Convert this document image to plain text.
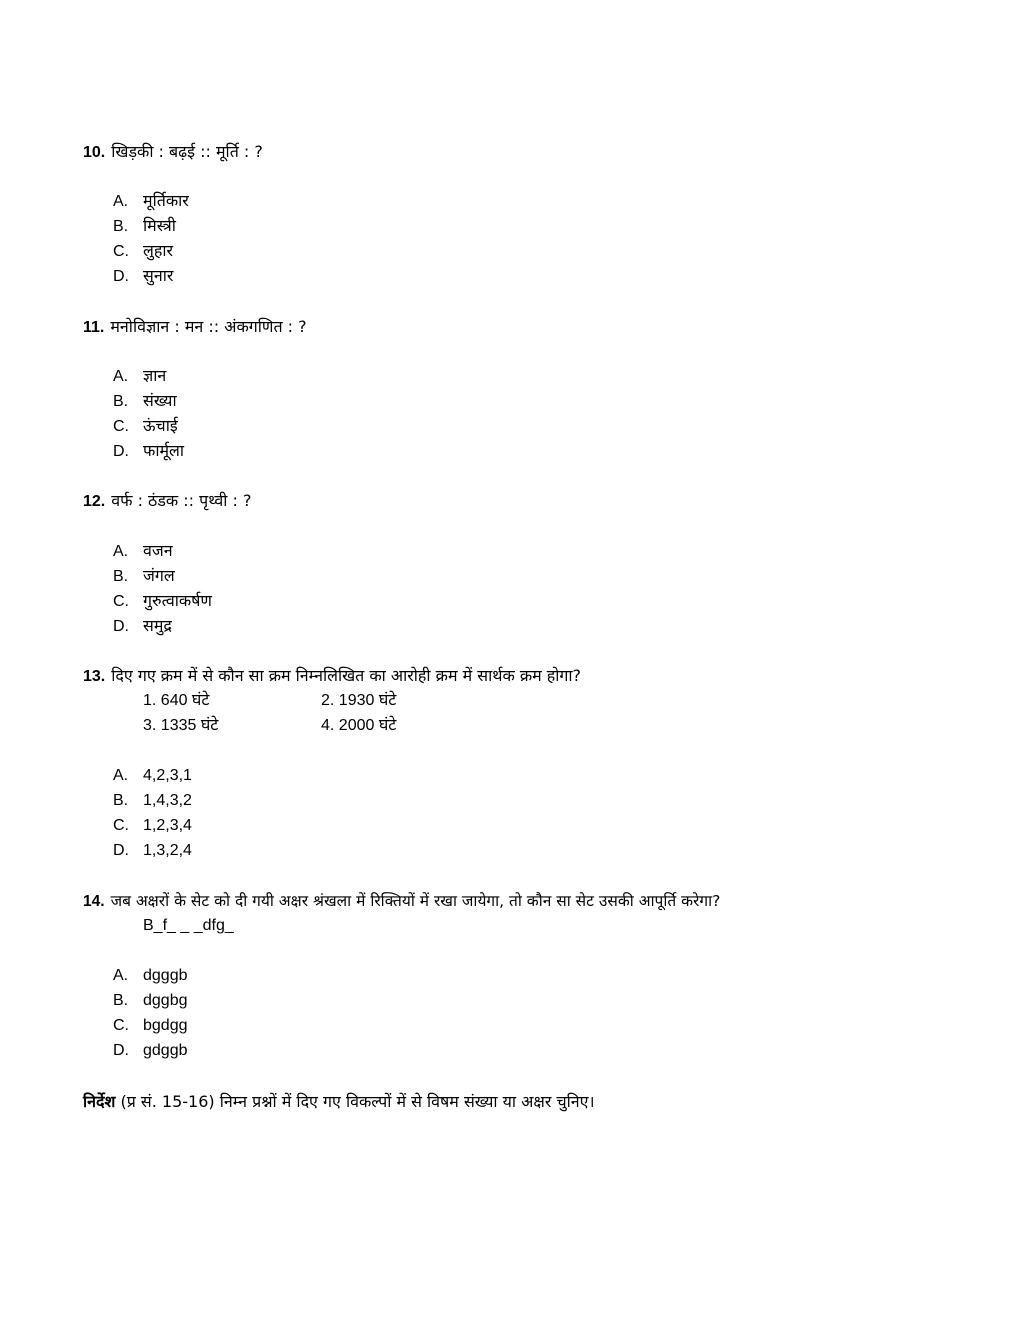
10. खिड़की : बढ़ई :: मूर्ति : ?
A. मूर्तिकार
B. मिस्त्री
C. लुहार
D. सुनार
11. मनोविज्ञान : मन :: अंकगणित : ?
A. ज्ञान
B. संख्या
C. ऊंचाई
D. फार्मूला
12. वर्फ : ठंडक :: पृथ्वी : ?
A. वजन
B. जंगल
C. गुरुत्वाकर्षण
D. समुद्र
13. दिए गए क्रम में से कौन सा क्रम निम्नलिखित का आरोही क्रम में सार्थक क्रम होगा?
1. 640 घंटे	2. 1930 घंटे
3. 1335 घंटे	4. 2000 घंटे
A. 4,2,3,1
B. 1,4,3,2
C. 1,2,3,4
D. 1,3,2,4
14. जब अक्षरों के सेट को दी गयी अक्षर श्रंखला में रिक्तियों में रखा जायेगा, तो कौन सा सेट उसकी आपूर्ति करेगा?
B_f_ _ _dfg_
A. dgggb
B. dggbg
C. bgdgg
D. gdggb
निर्देश (प्र सं. 15-16) निम्न प्रश्नों में दिए गए विकल्पों में से विषम संख्या या अक्षर चुनिए।
